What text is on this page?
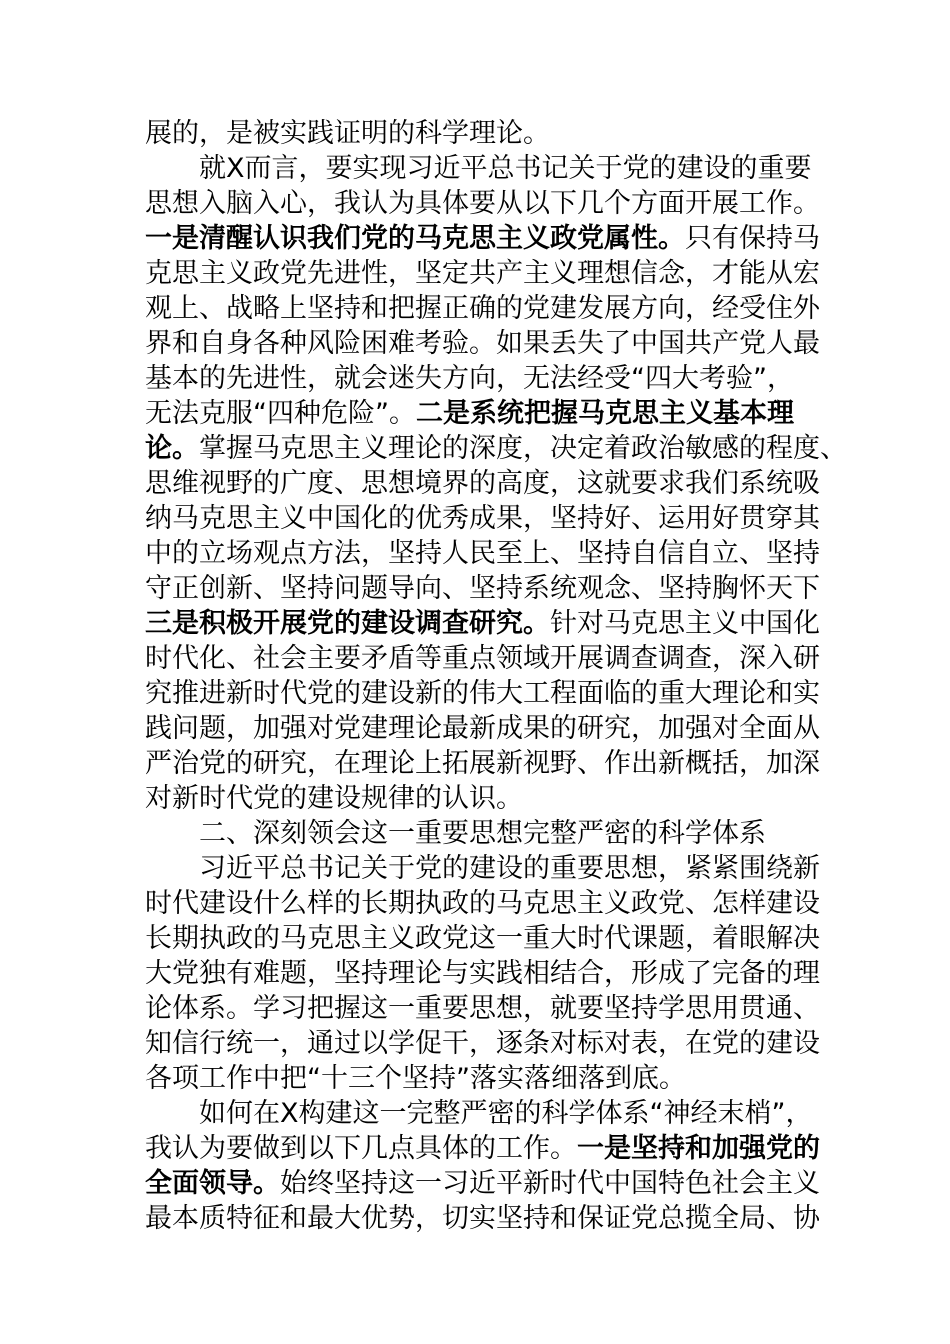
展的，是被实践证明的科学理论。
就X而言，要实现习近平总书记关于党的建设的重要
思想入脑入心，我认为具体要从以下几个方面开展工作。
一是清醒认识我们党的马克思主义政党属性。只有保持马
克思主义政党先进性，坚定共产主义理想信念，才能从宏
观上、战略上坚持和把握正确的党建发展方向，经受住外
界和自身各种风险困难考验。如果丢失了中国共产党人最
基本的先进性，就会迷失方向，无法经受“四大考验”，
无法克服“四种危险”。二是系统把握马克思主义基本理
论。掌握马克思主义理论的深度，决定着政治敏感的程度、
思维视野的广度、思想境界的高度，这就要求我们系统吸
纳马克思主义中国化的优秀成果，坚持好、运用好贯穿其
中的立场观点方法，坚持人民至上、坚持自信自立、坚持
守正创新、坚持问题导向、坚持系统观念、坚持胸怀天下
三是积极开展党的建设调查研究。针对马克思主义中国化
时代化、社会主要矛盾等重点领域开展调查调查，深入研
究推进新时代党的建设新的伟大工程面临的重大理论和实
践问题，加强对党建理论最新成果的研究，加强对全面从
严治党的研究，在理论上拓展新视野、作出新概括，加深
对新时代党的建设规律的认识。
二、深刻领会这一重要思想完整严密的科学体系
习近平总书记关于党的建设的重要思想，紧紧围绕新
时代建设什么样的长期执政的马克思主义政党、怎样建设
长期执政的马克思主义政党这一重大时代课题，着眼解决
大党独有难题，坚持理论与实践相结合，形成了完备的理
论体系。学习把握这一重要思想，就要坚持学思用贯通、
知信行统一，通过以学促干，逐条对标对表，在党的建设
各项工作中把“十三个坚持”落实落细落到底。
如何在X构建这一完整严密的科学体系“神经末梢”，
我认为要做到以下几点具体的工作。一是坚持和加强党的
全面领导。始终坚持这一习近平新时代中国特色社会主义
最本质特征和最大优势，切实坚持和保证党总揽全局、协
